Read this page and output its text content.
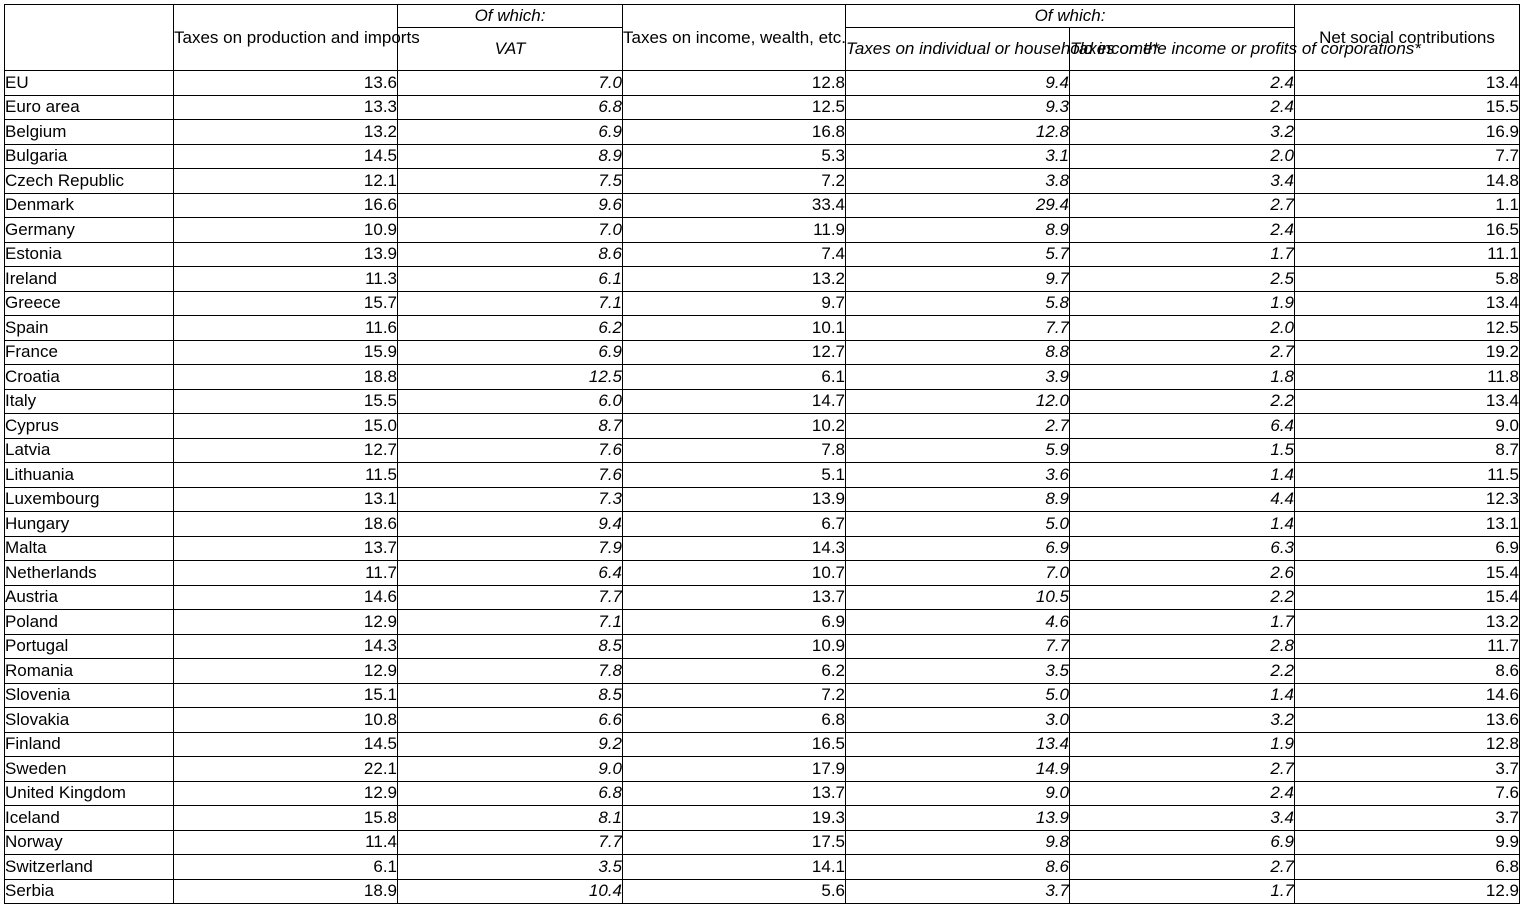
	Taxes on production and imports	Of which:	Taxes on income, wealth, etc.	Of which:		Net social contributions
		VAT		Taxes on individual or household income*	Taxes on the income or profits of corporations*	
EU	13.6	7.0	12.8	9.4	2.4	13.4
Euro area	13.3	6.8	12.5	9.3	2.4	15.5
Belgium	13.2	6.9	16.8	12.8	3.2	16.9
Bulgaria	14.5	8.9	5.3	3.1	2.0	7.7
Czech Republic	12.1	7.5	7.2	3.8	3.4	14.8
Denmark	16.6	9.6	33.4	29.4	2.7	1.1
Germany	10.9	7.0	11.9	8.9	2.4	16.5
Estonia	13.9	8.6	7.4	5.7	1.7	11.1
Ireland	11.3	6.1	13.2	9.7	2.5	5.8
Greece	15.7	7.1	9.7	5.8	1.9	13.4
Spain	11.6	6.2	10.1	7.7	2.0	12.5
France	15.9	6.9	12.7	8.8	2.7	19.2
Croatia	18.8	12.5	6.1	3.9	1.8	11.8
Italy	15.5	6.0	14.7	12.0	2.2	13.4
Cyprus	15.0	8.7	10.2	2.7	6.4	9.0
Latvia	12.7	7.6	7.8	5.9	1.5	8.7
Lithuania	11.5	7.6	5.1	3.6	1.4	11.5
Luxembourg	13.1	7.3	13.9	8.9	4.4	12.3
Hungary	18.6	9.4	6.7	5.0	1.4	13.1
Malta	13.7	7.9	14.3	6.9	6.3	6.9
Netherlands	11.7	6.4	10.7	7.0	2.6	15.4
Austria	14.6	7.7	13.7	10.5	2.2	15.4
Poland	12.9	7.1	6.9	4.6	1.7	13.2
Portugal	14.3	8.5	10.9	7.7	2.8	11.7
Romania	12.9	7.8	6.2	3.5	2.2	8.6
Slovenia	15.1	8.5	7.2	5.0	1.4	14.6
Slovakia	10.8	6.6	6.8	3.0	3.2	13.6
Finland	14.5	9.2	16.5	13.4	1.9	12.8
Sweden	22.1	9.0	17.9	14.9	2.7	3.7
United Kingdom	12.9	6.8	13.7	9.0	2.4	7.6
Iceland	15.8	8.1	19.3	13.9	3.4	3.7
Norway	11.4	7.7	17.5	9.8	6.9	9.9
Switzerland	6.1	3.5	14.1	8.6	2.7	6.8
Serbia	18.9	10.4	5.6	3.7	1.7	12.9
